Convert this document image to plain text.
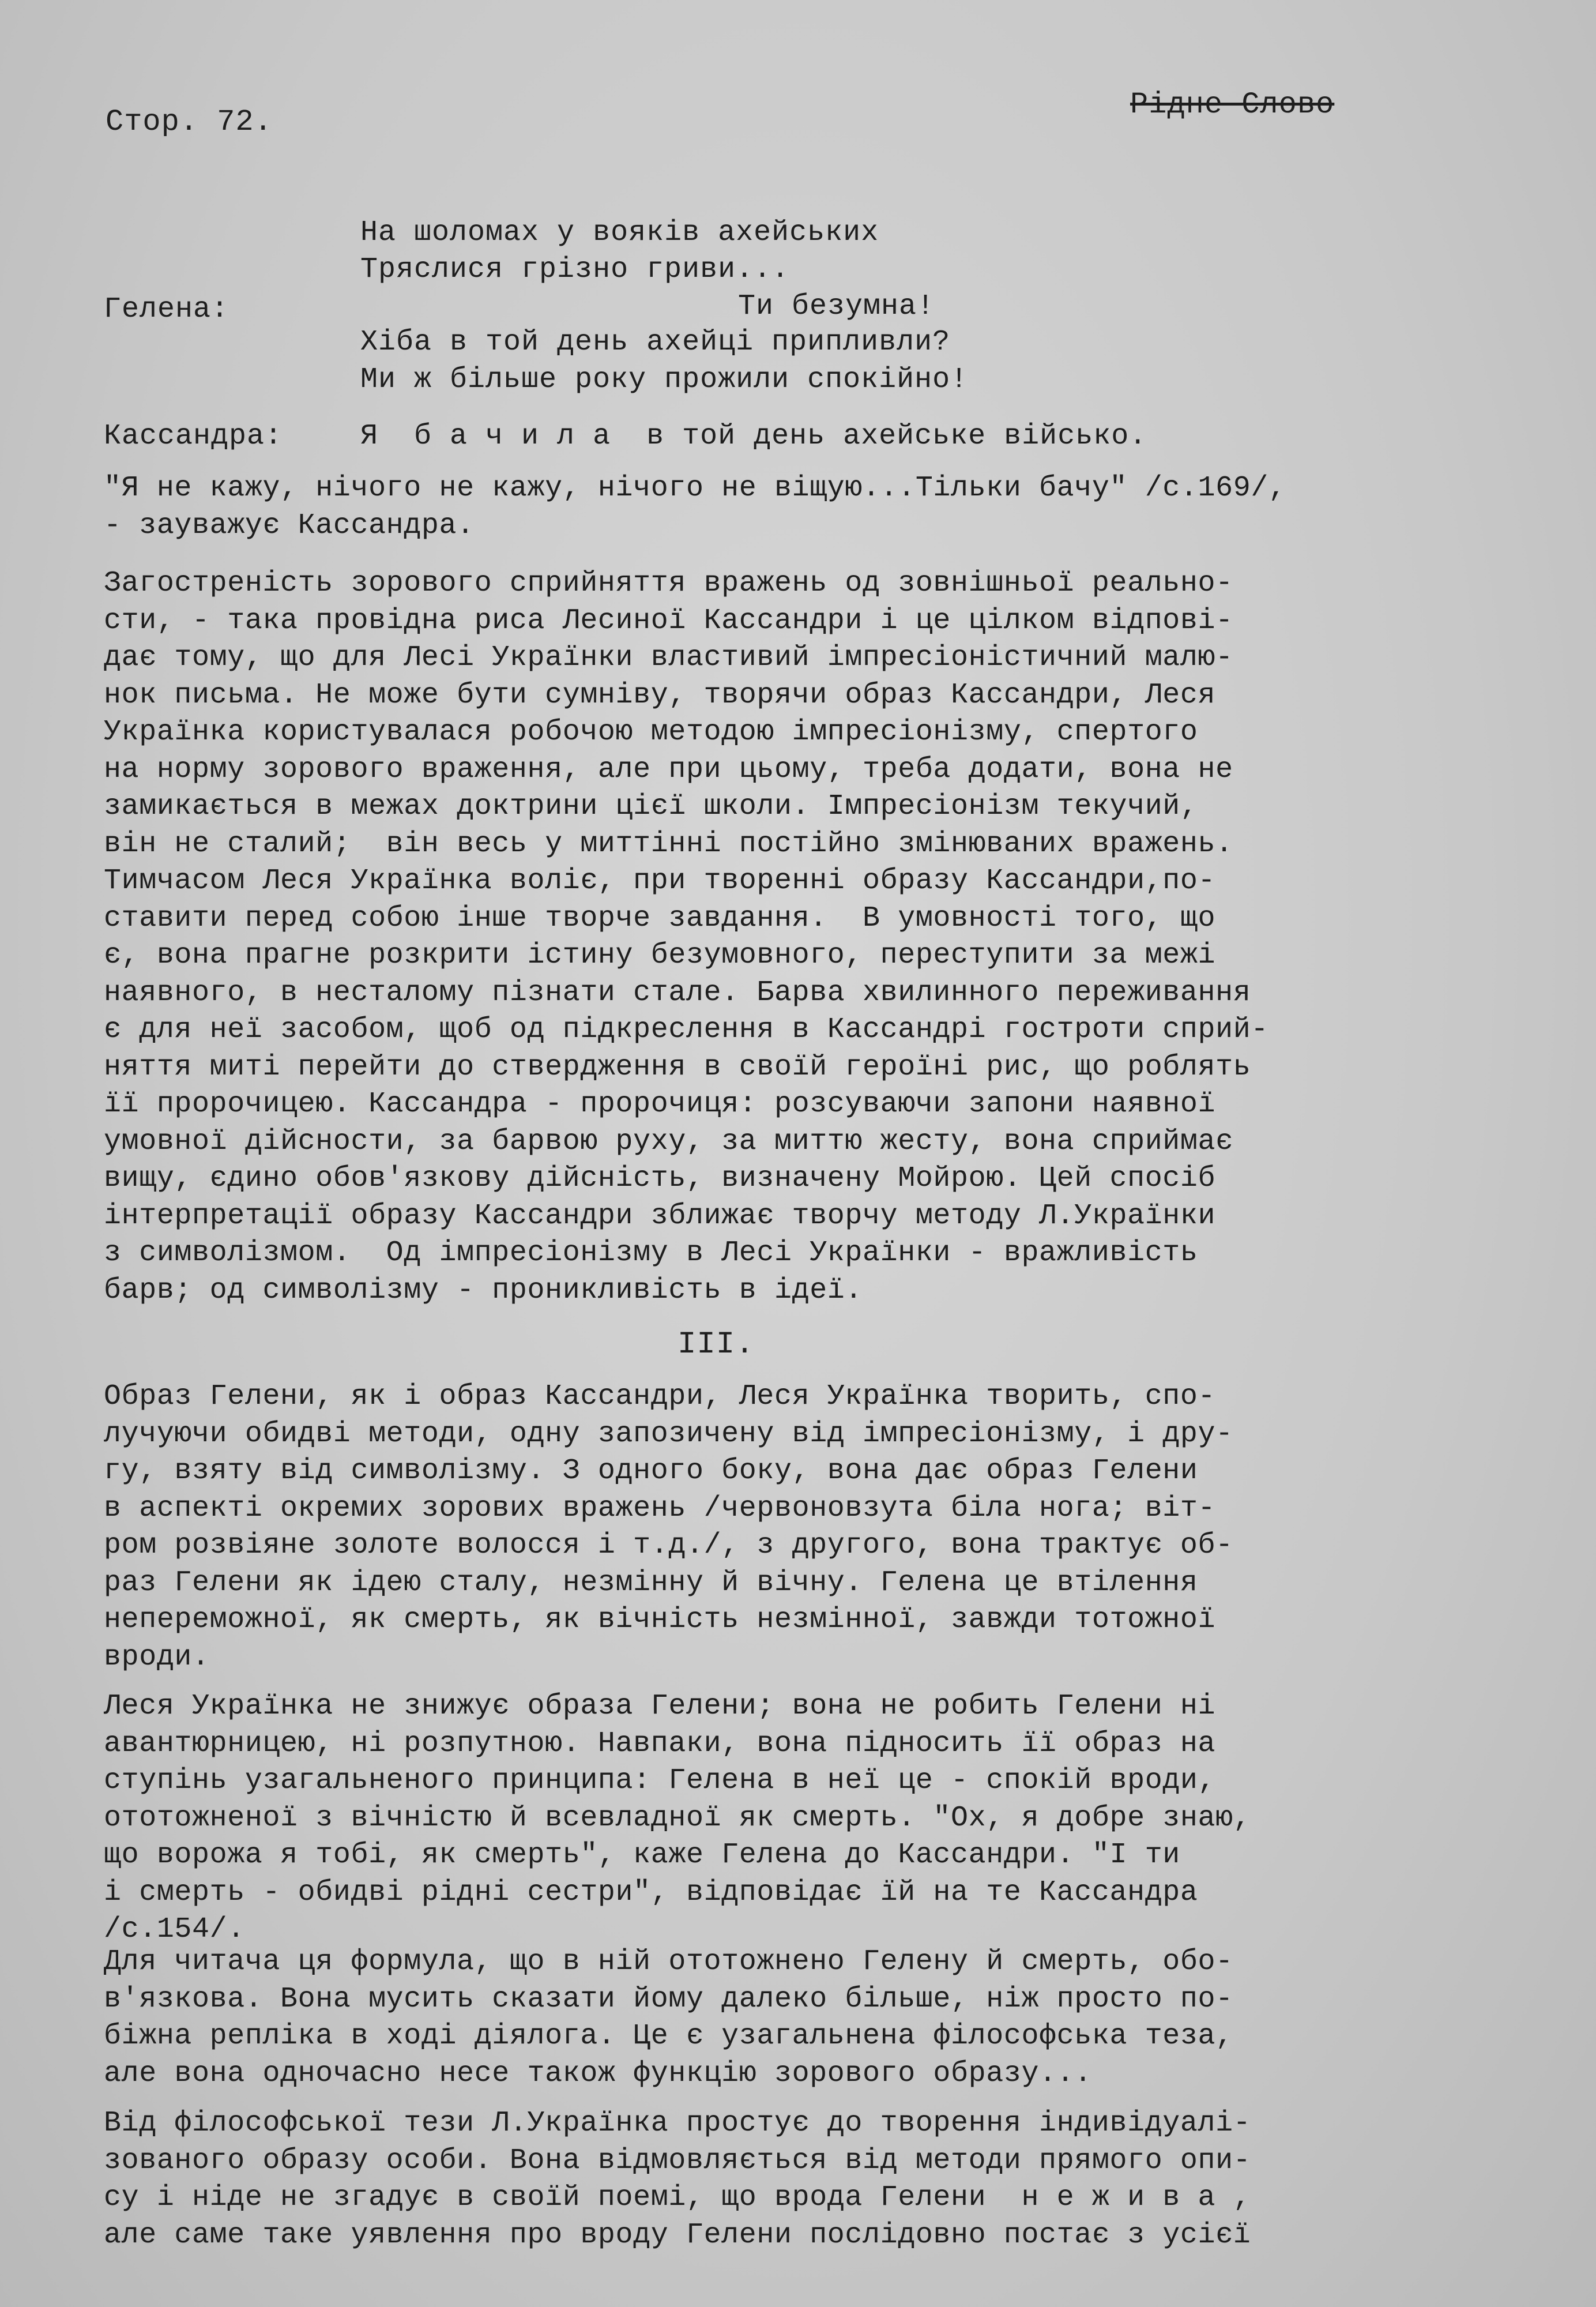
Стор. 72.
Рідне Слово
На шоломах у вояків ахейських
Тряслися грізно гриви...
Гелена:	Ти безумна!
Хіба в той день ахейці припливли?
Ми ж більше року прожили спокійно!
Кассандра:	Я  б а ч и л а  в той день ахейське військо.
"Я не кажу, нічого не кажу, нічого не віщую...Тільки бачу" /с.169/,
- зауважує Кассандра.
Загостреність зорового сприйняття вражень од зовнішньої реально-
сти, - така провідна риса Лесиної Кассандри і це цілком відпові-
дає тому, що для Лесі Українки властивий імпресіоністичний малю-
нок письма. Не може бути сумніву, творячи образ Кассандри, Леся
Українка користувалася робочою методою імпресіонізму, спертого
на норму зорового враження, але при цьому, треба додати, вона не
замикається в межах доктрини цієї школи. Імпресіонізм текучий,
він не сталий;  він весь у миттінні постійно змінюваних вражень.
Тимчасом Леся Українка воліє, при творенні образу Кассандри,по-
ставити перед собою інше творче завдання.  В умовності того, що
є, вона прагне розкрити істину безумовного, переступити за межі
наявного, в несталому пізнати стале. Барва хвилинного переживання
є для неї засобом, щоб од підкреслення в Кассандрі гостроти сприй-
няття миті перейти до ствердження в своїй героїні рис, що роблять
її пророчицею. Кассандра - пророчиця: розсуваючи запони наявної
умовної дійсности, за барвою руху, за миттю жесту, вона сприймає
вищу, єдино обов'язкову дійсність, визначену Мойрою. Цей спосіб
інтерпретації образу Кассандри зближає творчу методу Л.Українки
з символізмом.  Од імпресіонізму в Лесі Українки - вражливість
барв; од символізму - проникливість в ідеї.
III.
Образ Гелени, як і образ Кассандри, Леся Українка творить, спо-
лучуючи обидві методи, одну запозичену від імпресіонізму, і дру-
гу, взяту від символізму. З одного боку, вона дає образ Гелени
в аспекті окремих зорових вражень /червоновзута біла нога; віт-
ром розвіяне золоте волосся і т.д./, з другого, вона трактує об-
раз Гелени як ідею сталу, незмінну й вічну. Гелена це втілення
непереможної, як смерть, як вічність незмінної, завжди тотожної
вроди.
Леся Українка не знижує образа Гелени; вона не робить Гелени ні
авантюрницею, ні розпутною. Навпаки, вона підносить її образ на
ступінь узагальненого принципа: Гелена в неї це - спокій вроди,
ототожненої з вічністю й всевладної як смерть. "Ох, я добре знаю,
що ворожа я тобі, як смерть", каже Гелена до Кассандри. "І ти
і смерть - обидві рідні сестри", відповідає їй на те Кассандра
/с.154/.
Для читача ця формула, що в ній ототожнено Гелену й смерть, обо-
в'язкова. Вона мусить сказати йому далеко більше, ніж просто по-
біжна репліка в ході діялога. Це є узагальнена філософська теза,
але вона одночасно несе також функцію зорового образу...
Від філософської тези Л.Українка простує до творення індивідуалі-
зованого образу особи. Вона відмовляється від методи прямого опи-
су і ніде не згадує в своїй поемі, що врода Гелени  н е ж и в а ,
але саме таке уявлення про вроду Гелени послідовно постає з усієї
